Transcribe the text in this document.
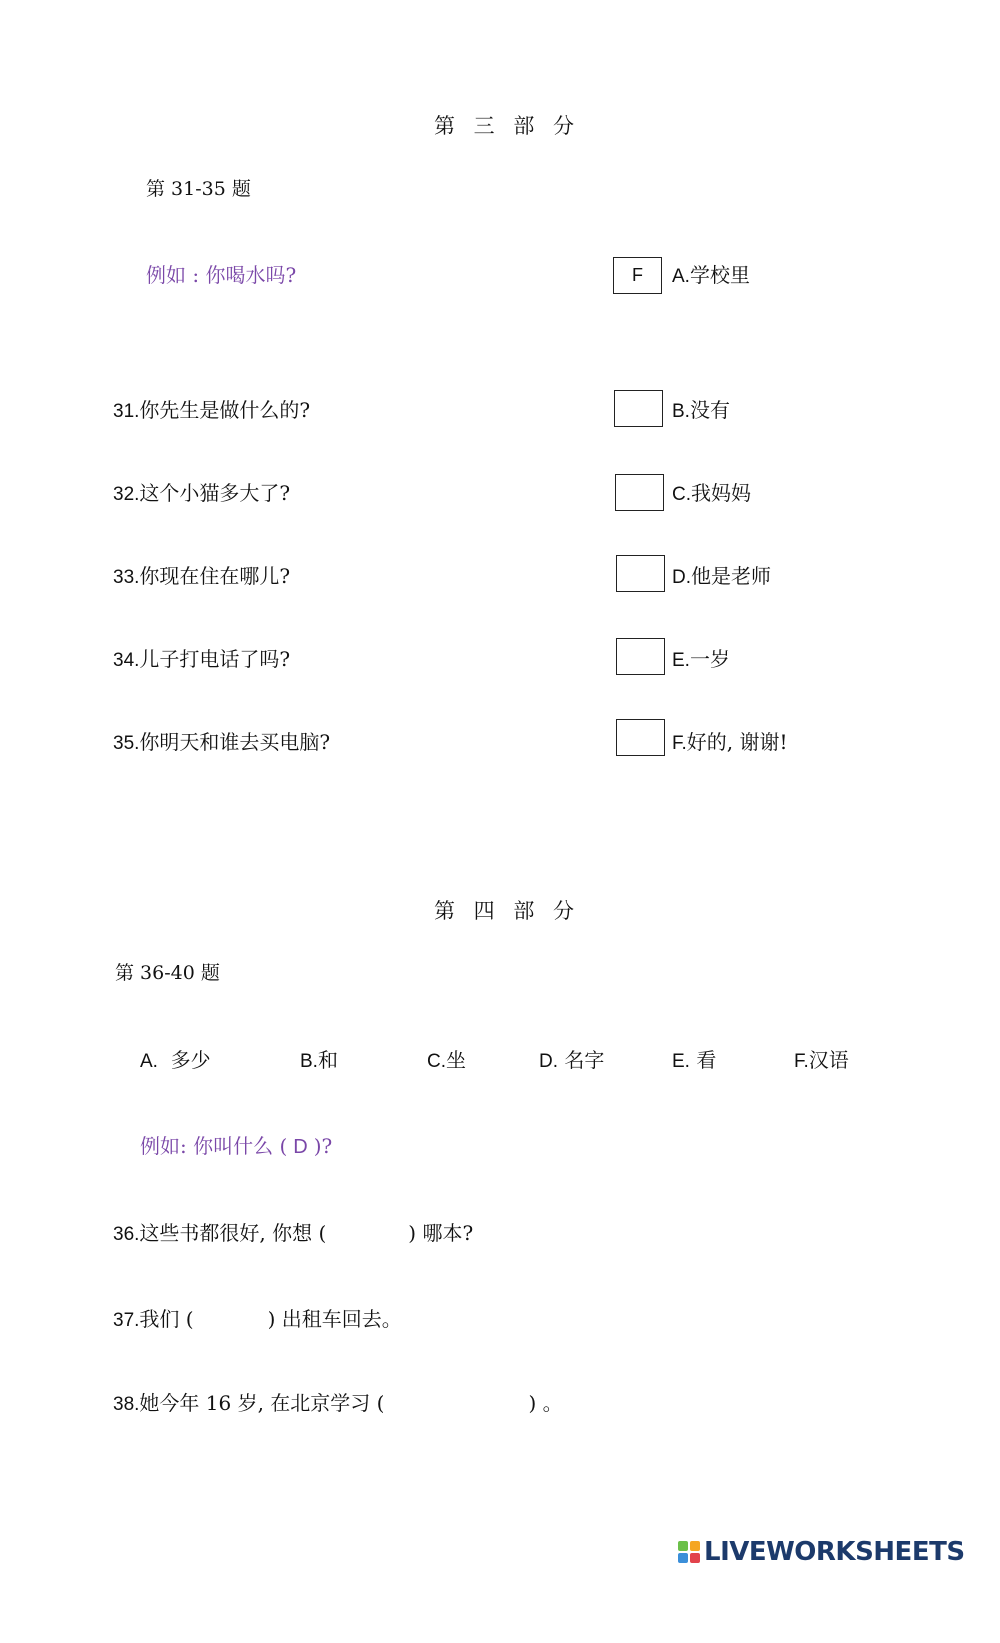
第 三 部 分
第 31-35 题
例如 : 你喝水吗?	F	A.学校里
31.你先生是做什么的?	B.没有
32.这个小猫多大了?	C.我妈妈
33.你现在住在哪儿?	D.他是老师
34.儿子打电话了吗?	E.一岁
35.你明天和谁去买电脑?	F.好的, 谢谢!
第 四 部 分
第 36-40 题
A. 多少	B.和	C.坐	D. 名字	E. 看	F.汉语
例如: 你叫什么 ( D )?
36.这些书都很好, 你想 (	) 哪本?
37.我们 (	) 出租车回去。
38.她今年 16 岁, 在北京学习 (	) 。
LIVEWORKSHEETS
